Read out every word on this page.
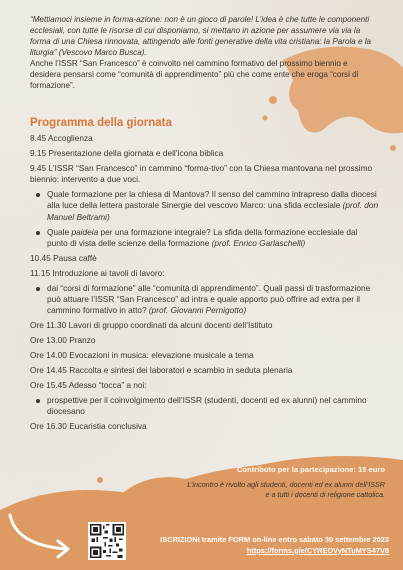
“Mettiamoci insieme in forma-azione: non è un gioco di parole! L’idea è che tutte le componenti ecclesiali, con tutte le risorse di cui disponiamo, si mettano in azione per assumere via via la forma di una Chiesa rinnovata, attingendo alle fonti generative della vita cristiana: la Parola e la liturgia” (Vescovo Marco Busca).
Anche l’ISSR “San Francesco” è coinvolto nel cammino formativo del prossimo biennio e desidera pensarsi come “comunità di apprendimento” più che come ente che eroga “corsi di formazione”.
Programma della giornata
8.45 Accoglienza
9.15 Presentazione della giornata e dell’icona biblica
9.45 L’ISSR “San Francesco” in cammino “forma-tivo” con la Chiesa mantovana nel prossimo biennio: intervento a due voci.
Quale formazione per la chiesa di Mantova? Il senso del cammino intrapreso dalla diocesi alla luce della lettera pastorale Sinergie del vescovo Marco: una sfida ecclesiale (prof. don Manuel Beltrami)
Quale paideia per una formazione integrale? La sfida della formazione ecclesiale dal punto di vista delle scienze della formazione (prof. Enrico Garlaschelli)
10.45 Pausa caffè
11.15 Introduzione ai tavoli di lavoro:
dai “corsi di formazione” alle “comunità di apprendimento”. Quali passi di trasformazione può attuare l’ISSR “San Francesco” ad intra e quale apporto può offrire ad extra per il cammino formativo in atto? (prof. Giovanni Pernigotto)
Ore 11.30 Lavori di gruppo coordinati da alcuni docenti dell’Istituto
Ore 13.00 Pranzo
Ore 14.00 Evocazioni in musica: elevazione musicale a tema
Ore 14.45 Raccolta e sintesi dei laboratori e scambio in seduta plenaria
Ore 15.45 Adesso “tocca” a noi:
prospettive per il coinvolgimento dell’ISSR (studenti, docenti ed ex alunni) nel cammino diocesano
Ore 16.30 Eucaristia conclusiva
Contributo per la partecipazione: 15 euro
L’incontro è rivolto agli studenti, docenti ed ex alunni dell’ISSR
e a tutti i docenti di religione cattolica.
ISCRIZIONI tramite FORM on-line entro sabato 30 settembre 2023
https://forms.gle/CYREOVyNTuMYS47V8
